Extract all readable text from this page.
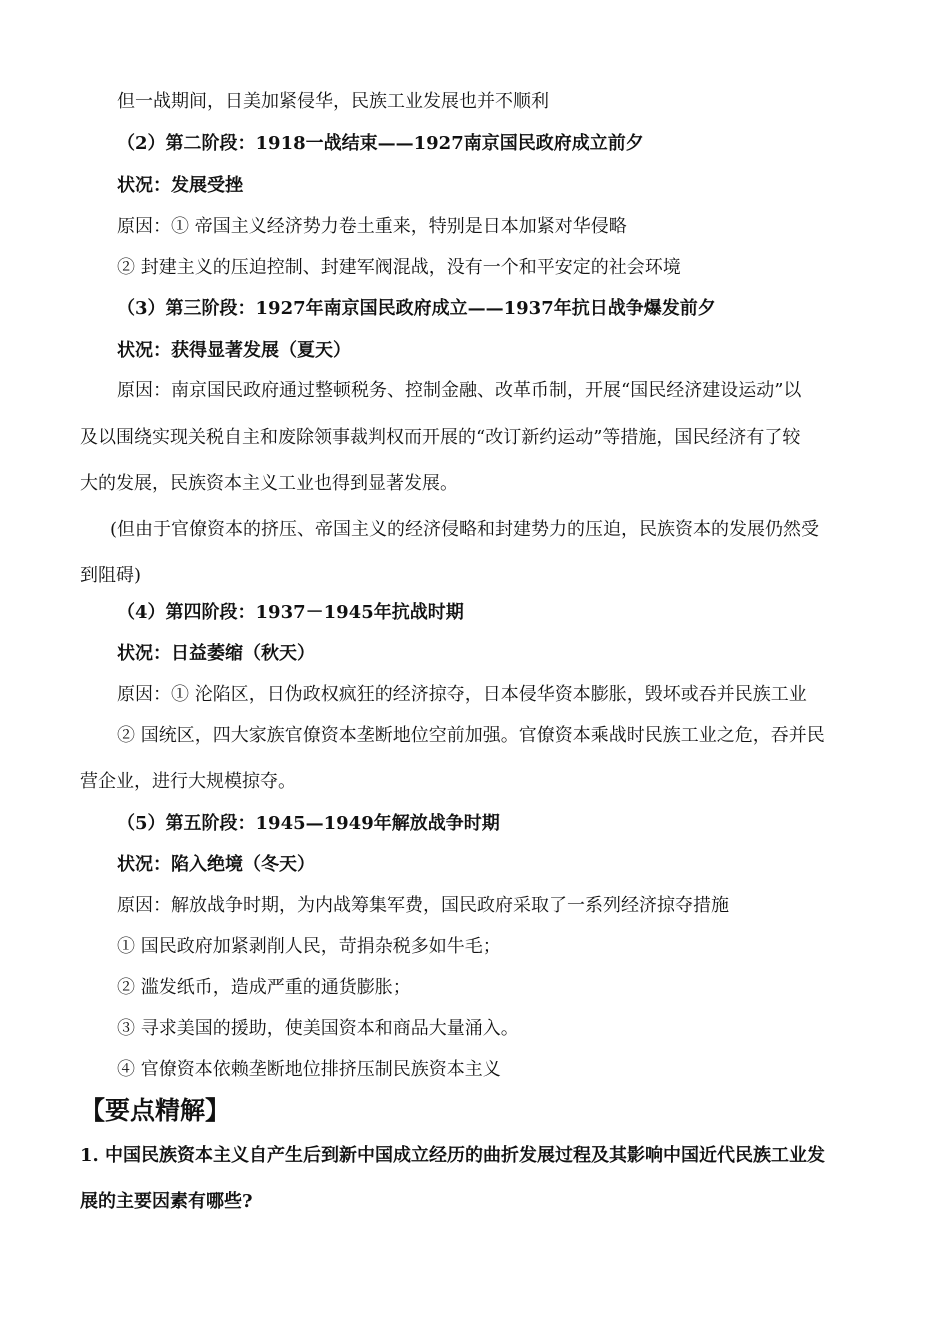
但一战期间，日美加紧侵华，民族工业发展也并不顺利
（2）第二阶段：1918一战结束——1927南京国民政府成立前夕
状况：发展受挫
原因：① 帝国主义经济势力卷土重来，特别是日本加紧对华侵略
② 封建主义的压迫控制、封建军阀混战，没有一个和平安定的社会环境
（3）第三阶段：1927年南京国民政府成立——1937年抗日战争爆发前夕
状况：获得显著发展（夏天）
原因：南京国民政府通过整顿税务、控制金融、改革币制，开展“国民经济建设运动”以
及以围绕实现关税自主和废除领事裁判权而开展的“改订新约运动”等措施，国民经济有了较
大的发展，民族资本主义工业也得到显著发展。
(但由于官僚资本的挤压、帝国主义的经济侵略和封建势力的压迫，民族资本的发展仍然受
到阻碍)
（4）第四阶段：1937－1945年抗战时期
状况：日益萎缩（秋天）
原因：① 沦陷区，日伪政权疯狂的经济掠夺，日本侵华资本膨胀，毁坏或吞并民族工业
② 国统区，四大家族官僚资本垄断地位空前加强。官僚资本乘战时民族工业之危，吞并民
营企业，进行大规模掠夺。
（5）第五阶段：1945—1949年解放战争时期
状况：陷入绝境（冬天）
原因：解放战争时期，为内战筹集军费，国民政府采取了一系列经济掠夺措施
① 国民政府加紧剥削人民，苛捐杂税多如牛毛；
② 滥发纸币，造成严重的通货膨胀；
③ 寻求美国的援助，使美国资本和商品大量涌入。
④ 官僚资本依赖垄断地位排挤压制民族资本主义
【要点精解】
1. 中国民族资本主义自产生后到新中国成立经历的曲折发展过程及其影响中国近代民族工业发
展的主要因素有哪些?
